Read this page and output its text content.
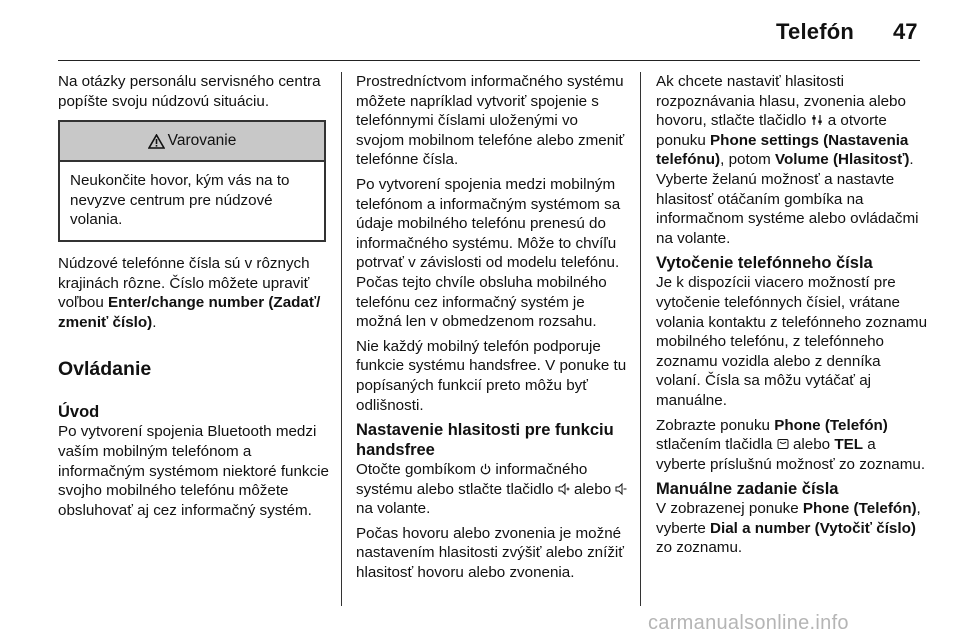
Telefón 47

Na otázky personálu servisného centra popíšte svoju núdzovú situáciu.

Varovanie
Neukončite hovor, kým vás na to nevyzve centrum pre núdzové volania.

Núdzové telefónne čísla sú v rôznych krajinách rôzne. Číslo môžete upraviť voľbou Enter/change number (Zadať/ zmeniť číslo).

Ovládanie
Úvod

Po vytvorení spojenia Bluetooth medzi vaším mobilným telefónom a informačným systémom niektoré funkcie svojho mobilného telefónu môžete obsluhovať aj cez informačný systém.

Prostredníctvom informačného systému môžete napríklad vytvoriť spojenie s telefónnymi číslami uloženými vo svojom mobilnom telefóne alebo zmeniť telefónne čísla.

Po vytvorení spojenia medzi mobilným telefónom a informačným systémom sa údaje mobilného telefónu prenesú do informačného systému. Môže to chvíľu potrvať v závislosti od modelu telefónu. Počas tejto chvíle obsluha mobilného telefónu cez informačný systém je možná len v obmedzenom rozsahu.

Nie každý mobilný telefón podporuje funkcie systému handsfree. V ponuke tu popísaných funkcií preto môžu byť odlišnosti.

Nastavenie hlasitosti pre funkciu handsfree

Otočte gombíkom  informačného systému alebo stlačte tlačidlo  alebo  na volante.

Počas hovoru alebo zvonenia je možné nastavením hlasitosti zvýšiť alebo znížiť hlasitosť hovoru alebo zvonenia.

Ak chcete nastaviť hlasitosti rozpoznávania hlasu, zvonenia alebo hovoru, stlačte tlačidlo  a otvorte ponuku Phone settings (Nastavenia telefónu), potom Volume (Hlasitosť). Vyberte želanú možnosť a nastavte hlasitosť otáčaním gombíka na informačnom systéme alebo ovládačmi na volante.

Vytočenie telefónneho čísla

Je k dispozícii viacero možností pre vytočenie telefónnych čísiel, vrátane volania kontaktu z telefónneho zoznamu mobilného telefónu, z telefónneho zoznamu vozidla alebo z denníka volaní. Čísla sa môžu vytáčať aj manuálne.

Zobrazte ponuku Phone (Telefón) stlačením tlačidla  alebo TEL a vyberte príslušnú možnosť zo zoznamu.

Manuálne zadanie čísla

V zobrazenej ponuke Phone (Telefón), vyberte Dial a number (Vytočiť číslo) zo zoznamu.

carmanualsonline.info
